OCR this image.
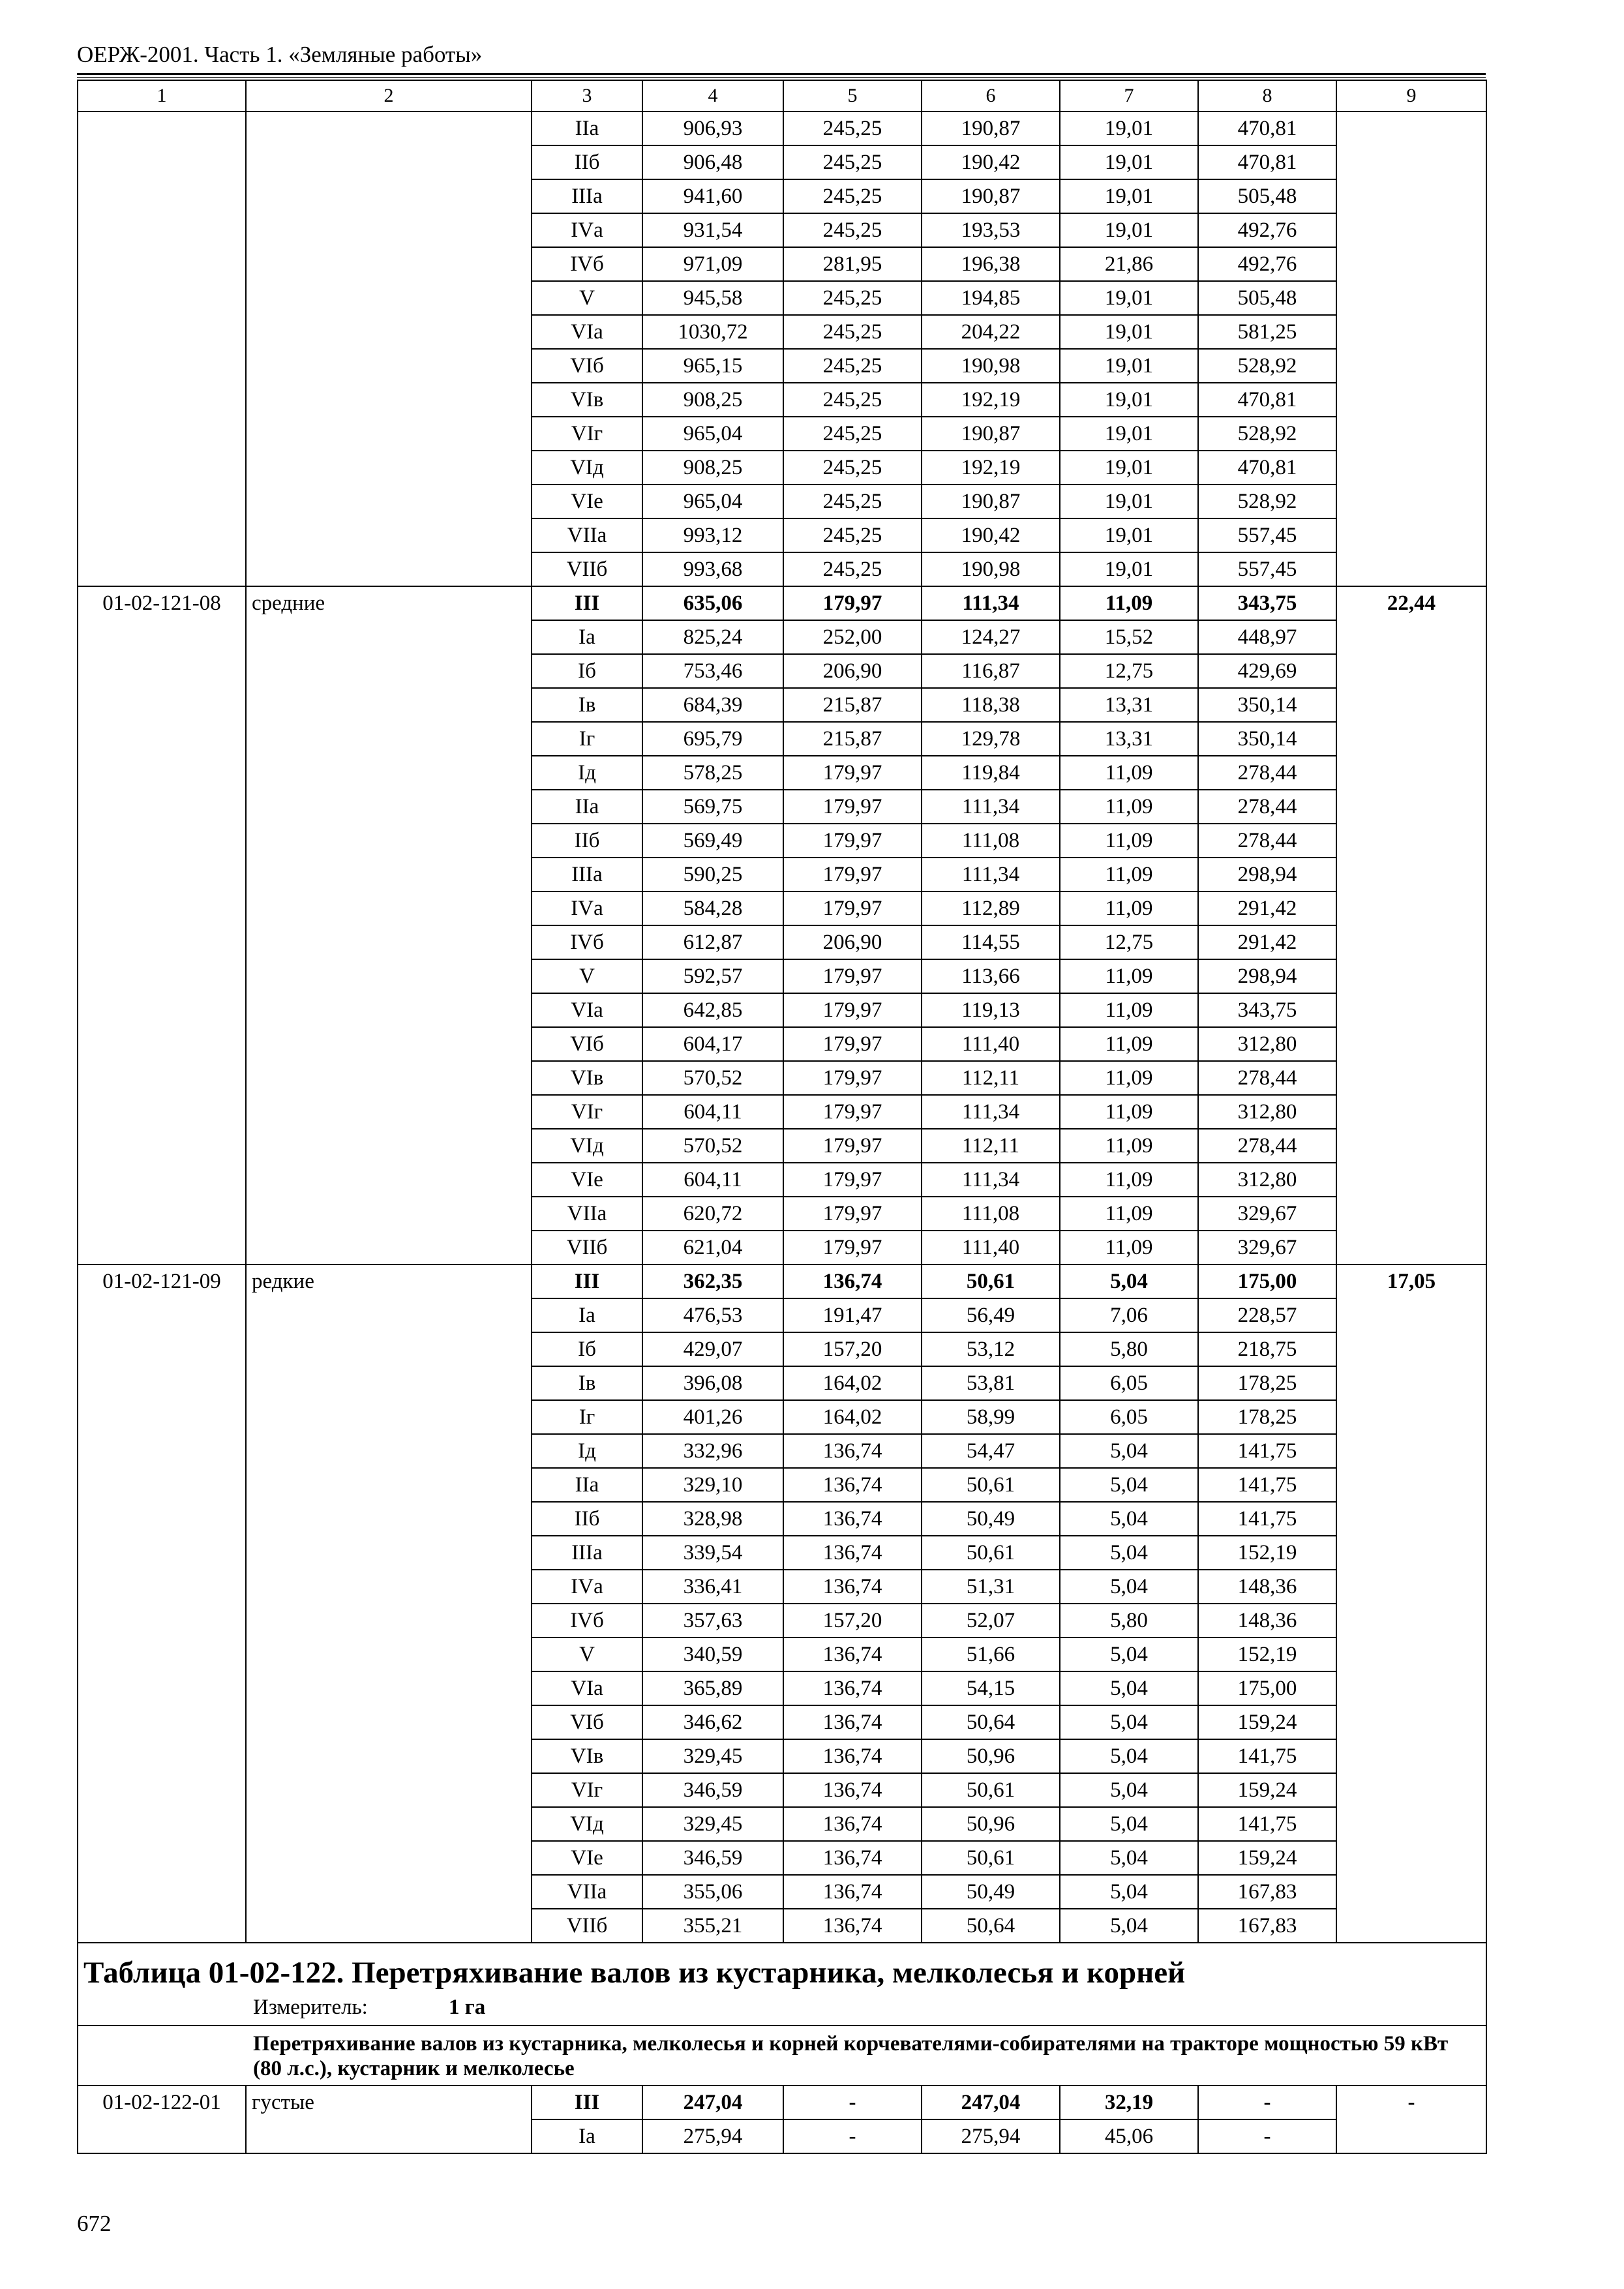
ОЕРЖ-2001. Часть 1. «Земляные работы»
1	2	3	4	5	6	7	8	9
		IIа	906,93	245,25	190,87	19,01	470,81	
		IIб	906,48	245,25	190,42	19,01	470,81	
		IIIа	941,60	245,25	190,87	19,01	505,48	
		IVа	931,54	245,25	193,53	19,01	492,76	
		IVб	971,09	281,95	196,38	21,86	492,76	
		V	945,58	245,25	194,85	19,01	505,48	
		VIа	1030,72	245,25	204,22	19,01	581,25	
		VIб	965,15	245,25	190,98	19,01	528,92	
		VIв	908,25	245,25	192,19	19,01	470,81	
		VIг	965,04	245,25	190,87	19,01	528,92	
		VIд	908,25	245,25	192,19	19,01	470,81	
		VIе	965,04	245,25	190,87	19,01	528,92	
		VIIа	993,12	245,25	190,42	19,01	557,45	
		VIIб	993,68	245,25	190,98	19,01	557,45	
01-02-121-08	средние	III	635,06	179,97	111,34	11,09	343,75	22,44
		Iа	825,24	252,00	124,27	15,52	448,97	
		Iб	753,46	206,90	116,87	12,75	429,69	
		Iв	684,39	215,87	118,38	13,31	350,14	
		Iг	695,79	215,87	129,78	13,31	350,14	
		Iд	578,25	179,97	119,84	11,09	278,44	
		IIа	569,75	179,97	111,34	11,09	278,44	
		IIб	569,49	179,97	111,08	11,09	278,44	
		IIIа	590,25	179,97	111,34	11,09	298,94	
		IVа	584,28	179,97	112,89	11,09	291,42	
		IVб	612,87	206,90	114,55	12,75	291,42	
		V	592,57	179,97	113,66	11,09	298,94	
		VIа	642,85	179,97	119,13	11,09	343,75	
		VIб	604,17	179,97	111,40	11,09	312,80	
		VIв	570,52	179,97	112,11	11,09	278,44	
		VIг	604,11	179,97	111,34	11,09	312,80	
		VIд	570,52	179,97	112,11	11,09	278,44	
		VIе	604,11	179,97	111,34	11,09	312,80	
		VIIа	620,72	179,97	111,08	11,09	329,67	
		VIIб	621,04	179,97	111,40	11,09	329,67	
01-02-121-09	редкие	III	362,35	136,74	50,61	5,04	175,00	17,05
		Iа	476,53	191,47	56,49	7,06	228,57	
		Iб	429,07	157,20	53,12	5,80	218,75	
		Iв	396,08	164,02	53,81	6,05	178,25	
		Iг	401,26	164,02	58,99	6,05	178,25	
		Iд	332,96	136,74	54,47	5,04	141,75	
		IIа	329,10	136,74	50,61	5,04	141,75	
		IIб	328,98	136,74	50,49	5,04	141,75	
		IIIа	339,54	136,74	50,61	5,04	152,19	
		IVа	336,41	136,74	51,31	5,04	148,36	
		IVб	357,63	157,20	52,07	5,80	148,36	
		V	340,59	136,74	51,66	5,04	152,19	
		VIа	365,89	136,74	54,15	5,04	175,00	
		VIб	346,62	136,74	50,64	5,04	159,24	
		VIв	329,45	136,74	50,96	5,04	141,75	
		VIг	346,59	136,74	50,61	5,04	159,24	
		VIд	329,45	136,74	50,96	5,04	141,75	
		VIе	346,59	136,74	50,61	5,04	159,24	
		VIIа	355,06	136,74	50,49	5,04	167,83	
		VIIб	355,21	136,74	50,64	5,04	167,83	

Таблица 01-02-122. Перетряхивание валов из кустарника, мелколесья и корней
Измеритель: 1 га								

Перетряхивание валов из кустарника, мелколесья и корней корчевателями-собирателями на тракторе мощностью 59 кВт (80 л.с.), кустарник и мелколесье								
01-02-122-01	густые	III	247,04	-	247,04	32,19	-	-
		Iа	275,94	-	275,94	45,06	-	
672
